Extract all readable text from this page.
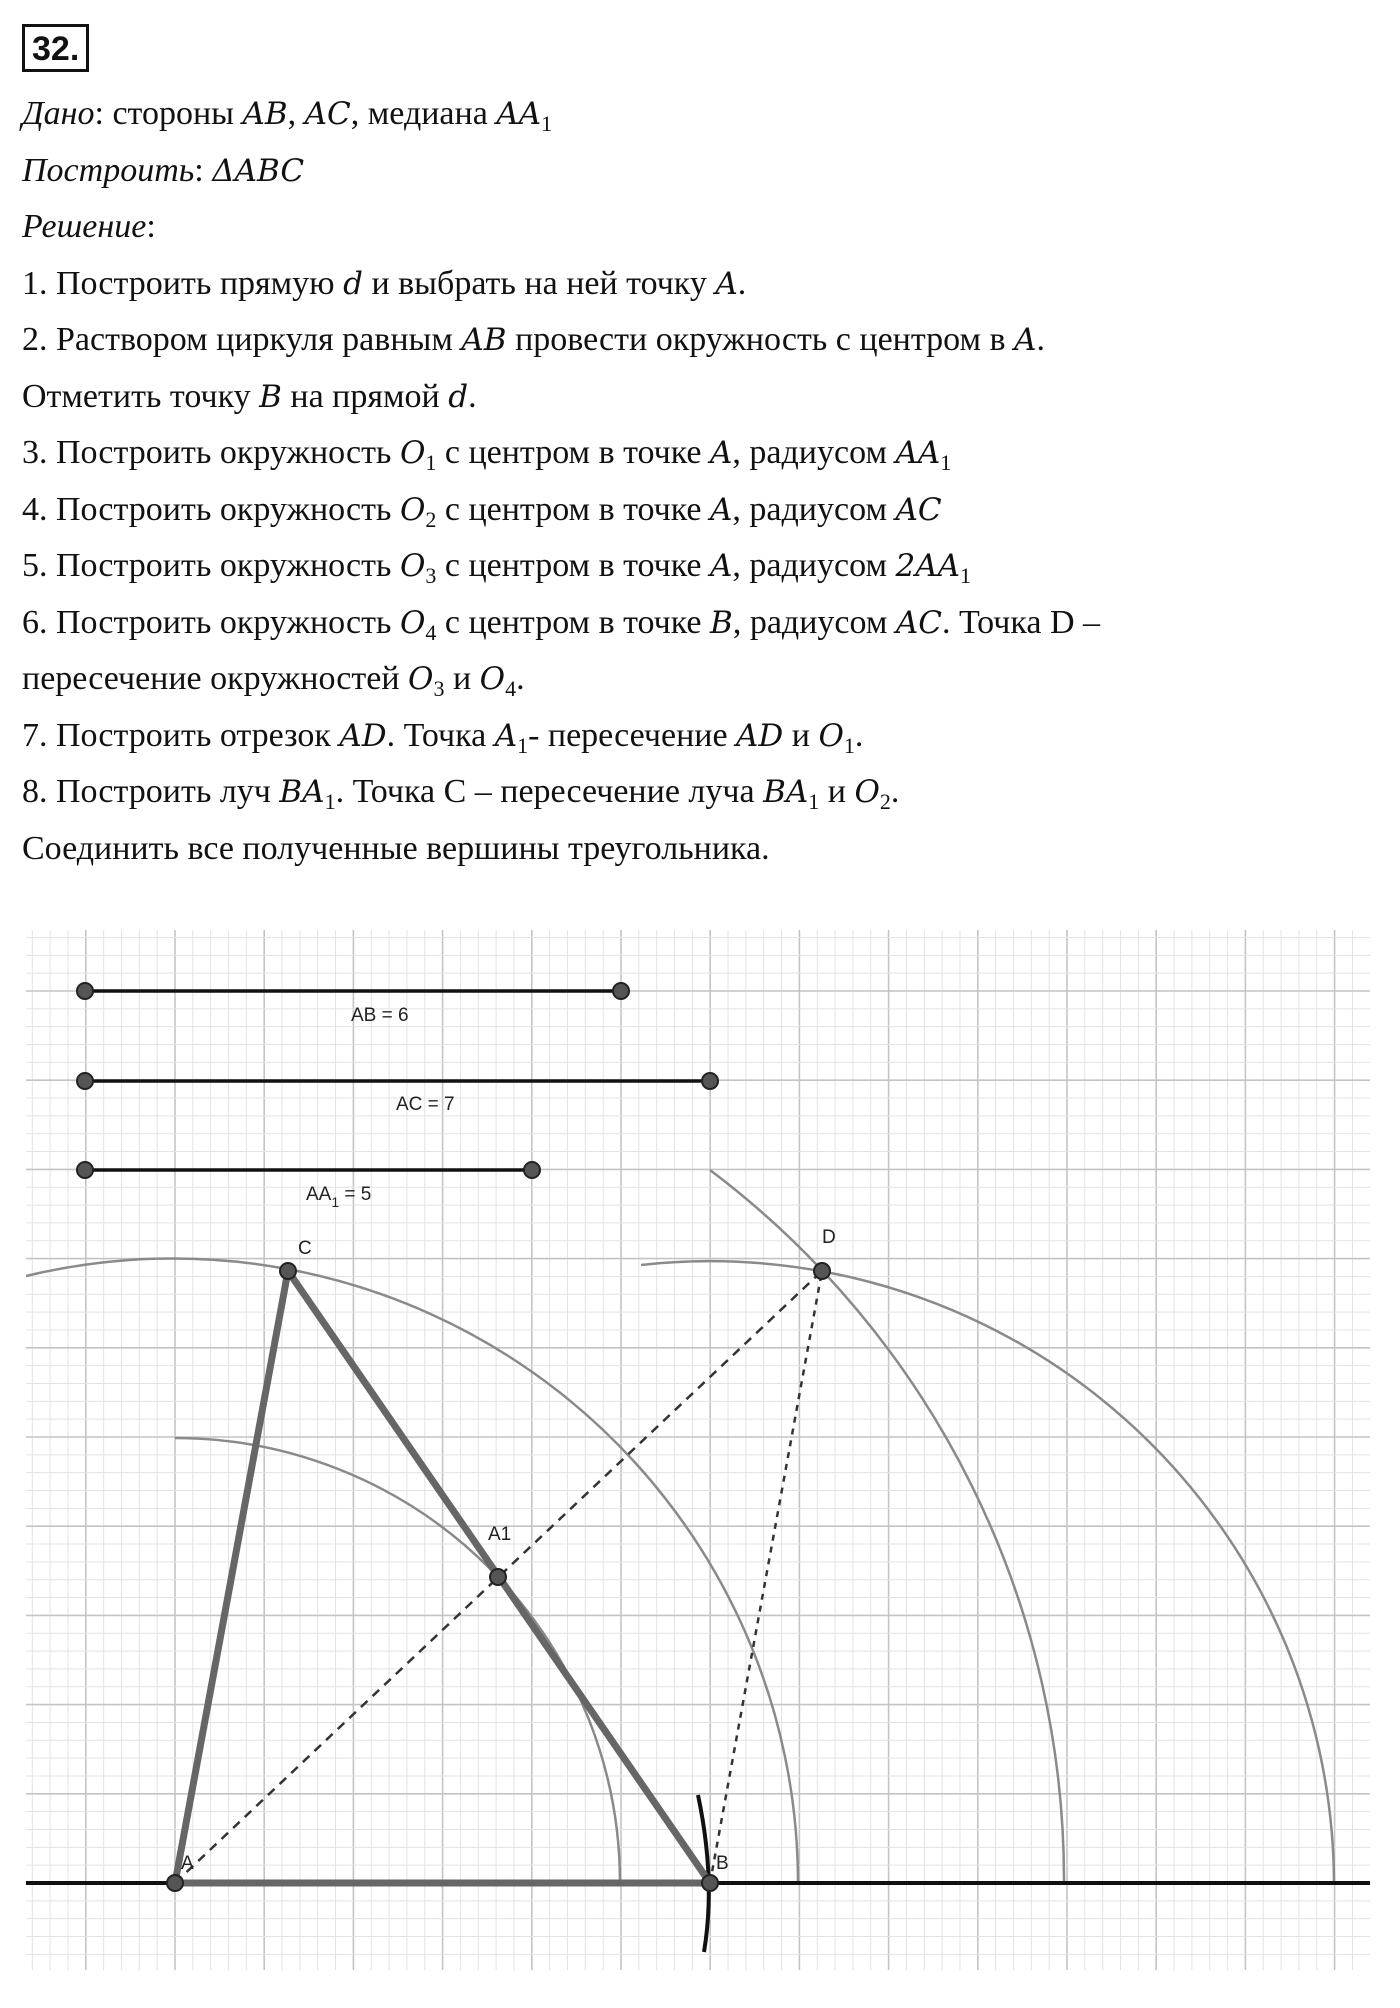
32.
Дано: стороны AB, AC, медиана $AA_1$
Построить: ΔABC
Решение:
1. Построить прямую d и выбрать на ней точку A.
2. Раствором циркуля равным AB провести окружность с центром в A.
Отметить точку B на прямой d.
3. Построить окружность $O_1$ с центром в точке A, радиусом $AA_1$
4. Построить окружность $O_2$ с центром в точке A, радиусом AC
5. Построить окружность $O_3$ с центром в точке A, радиусом $2AA_1$
6. Построить окружность $O_4$ с центром в точке B, радиусом AC. Точка D –
пересечение окружностей $O_3$ и $O_4$.
7. Построить отрезок AD. Точка $A_1-$ пересечение AD и $O_1$.
8. Построить луч $BA_1$. Точка С – пересечение луча $BA_1$ и $O_2$.
Соединить все полученные вершины треугольника.
AB = 6
AC = 7
$AA_1 = 5$
A	B
C
D
A1
